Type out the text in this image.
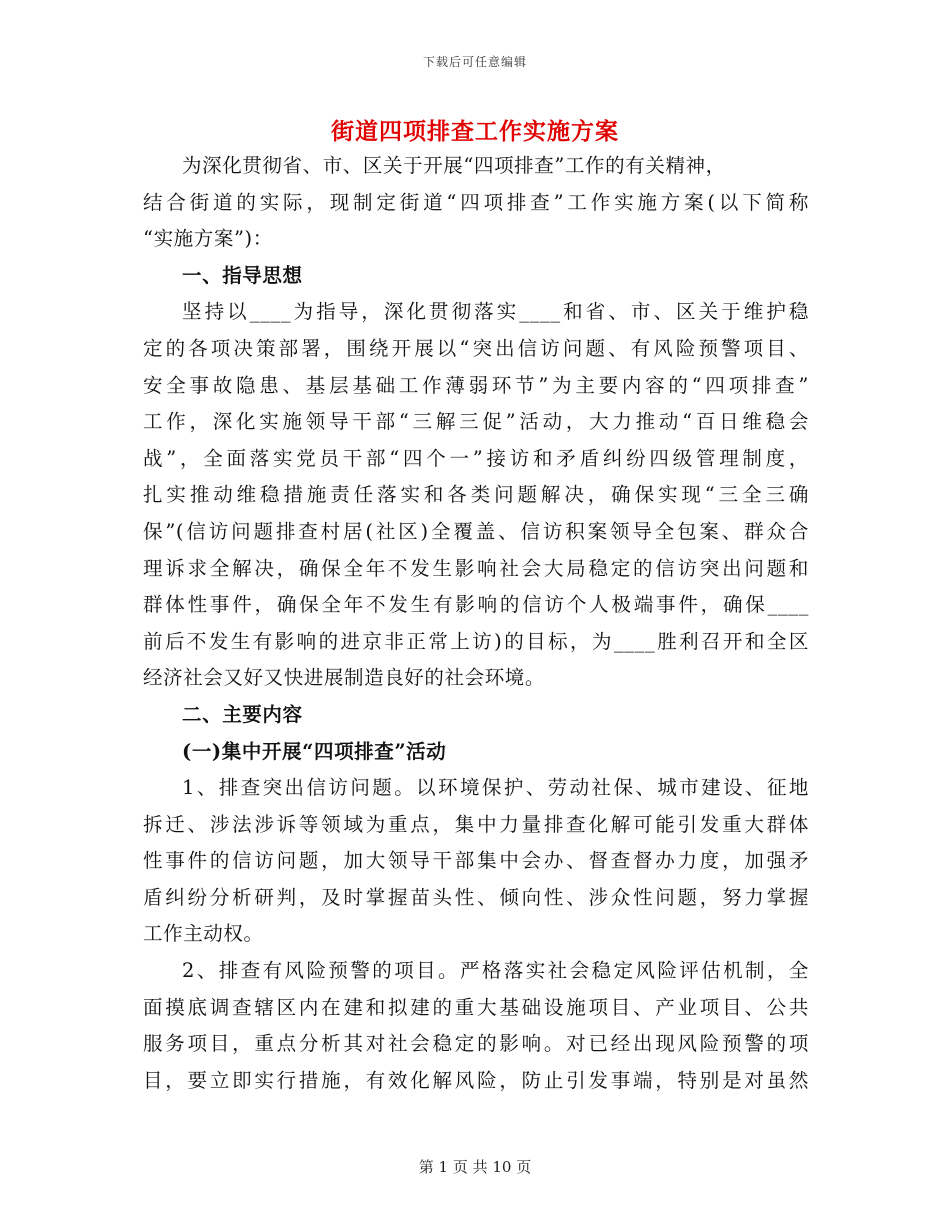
下载后可任意编辑
街道四项排查工作实施方案
为深化贯彻省、市、区关于开展“四项排查”工作的有关精神，
结合街道的实际，现制定街道“四项排查”工作实施方案(以下简称
“实施方案”)：
一、指导思想
坚持以____为指导，深化贯彻落实____和省、市、区关于维护稳
定的各项决策部署，围绕开展以“突出信访问题、有风险预警项目、
安全事故隐患、基层基础工作薄弱环节”为主要内容的“四项排查”
工作，深化实施领导干部“三解三促”活动，大力推动“百日维稳会
战”，全面落实党员干部“四个一”接访和矛盾纠纷四级管理制度，
扎实推动维稳措施责任落实和各类问题解决，确保实现“三全三确
保”(信访问题排查村居(社区)全覆盖、信访积案领导全包案、群众合
理诉求全解决，确保全年不发生影响社会大局稳定的信访突出问题和
群体性事件，确保全年不发生有影响的信访个人极端事件，确保____
前后不发生有影响的进京非正常上访)的目标，为____胜利召开和全区
经济社会又好又快进展制造良好的社会环境。
二、主要内容
(一)集中开展“四项排查”活动
1、排查突出信访问题。以环境保护、劳动社保、城市建设、征地
拆迁、涉法涉诉等领域为重点，集中力量排查化解可能引发重大群体
性事件的信访问题，加大领导干部集中会办、督查督办力度，加强矛
盾纠纷分析研判，及时掌握苗头性、倾向性、涉众性问题，努力掌握
工作主动权。
2、排查有风险预警的项目。严格落实社会稳定风险评估机制，全
面摸底调查辖区内在建和拟建的重大基础设施项目、产业项目、公共
服务项目，重点分析其对社会稳定的影响。对已经出现风险预警的项
目，要立即实行措施，有效化解风险，防止引发事端，特别是对虽然
第 1 页 共 10 页
